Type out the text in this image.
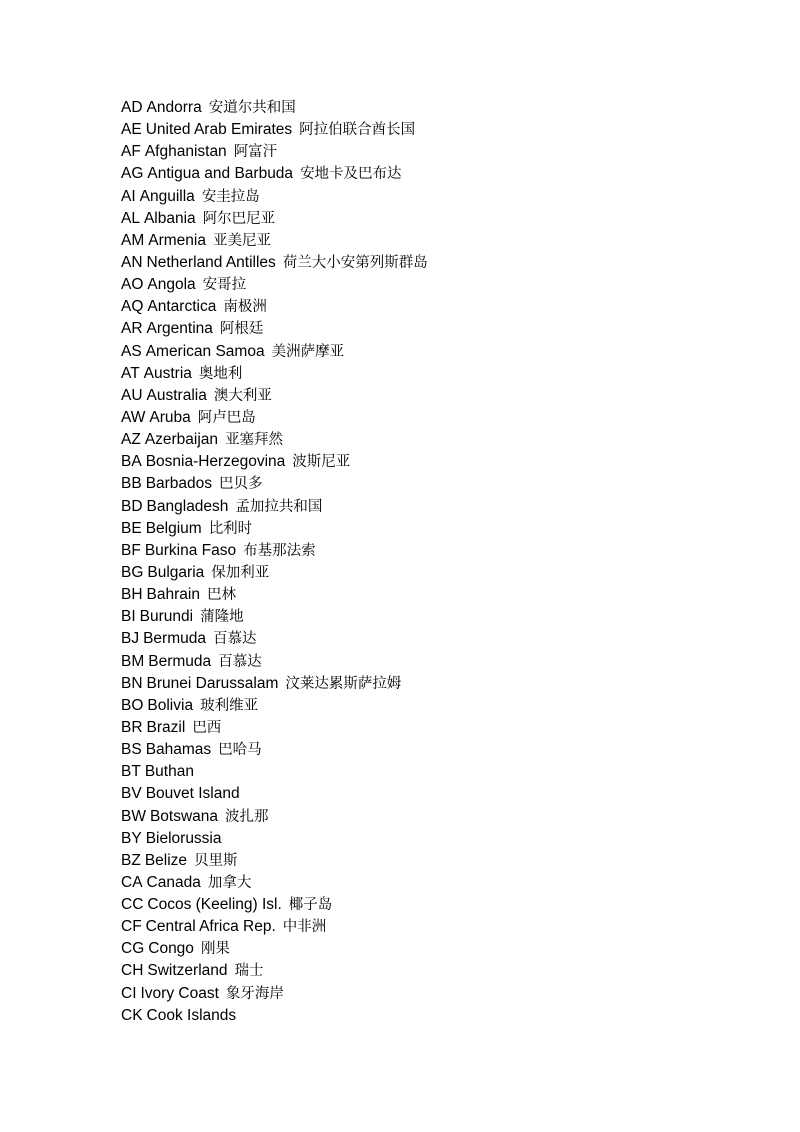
AD Andorra 安道尔共和国
AE United Arab Emirates 阿拉伯联合酋长国
AF Afghanistan 阿富汗
AG Antigua and Barbuda 安地卡及巴布达
AI Anguilla 安圭拉岛
AL Albania 阿尔巴尼亚
AM Armenia 亚美尼亚
AN Netherland Antilles 荷兰大小安第列斯群岛
AO Angola 安哥拉
AQ Antarctica 南极洲
AR Argentina 阿根廷
AS American Samoa 美洲萨摩亚
AT Austria 奥地利
AU Australia 澳大利亚
AW Aruba 阿卢巴岛
AZ Azerbaijan 亚塞拜然
BA Bosnia-Herzegovina 波斯尼亚
BB Barbados 巴贝多
BD Bangladesh 孟加拉共和国
BE Belgium 比利时
BF Burkina Faso 布基那法索
BG Bulgaria 保加利亚
BH Bahrain 巴林
BI Burundi 蒲隆地
BJ Bermuda 百慕达
BM Bermuda 百慕达
BN Brunei Darussalam 汶莱达累斯萨拉姆
BO Bolivia 玻利维亚
BR Brazil 巴西
BS Bahamas 巴哈马
BT Buthan
BV Bouvet Island
BW Botswana 波扎那
BY Bielorussia
BZ Belize 贝里斯
CA Canada 加拿大
CC Cocos (Keeling) Isl. 椰子岛
CF Central Africa Rep. 中非洲
CG Congo 刚果
CH Switzerland 瑞士
CI Ivory Coast 象牙海岸
CK Cook Islands
